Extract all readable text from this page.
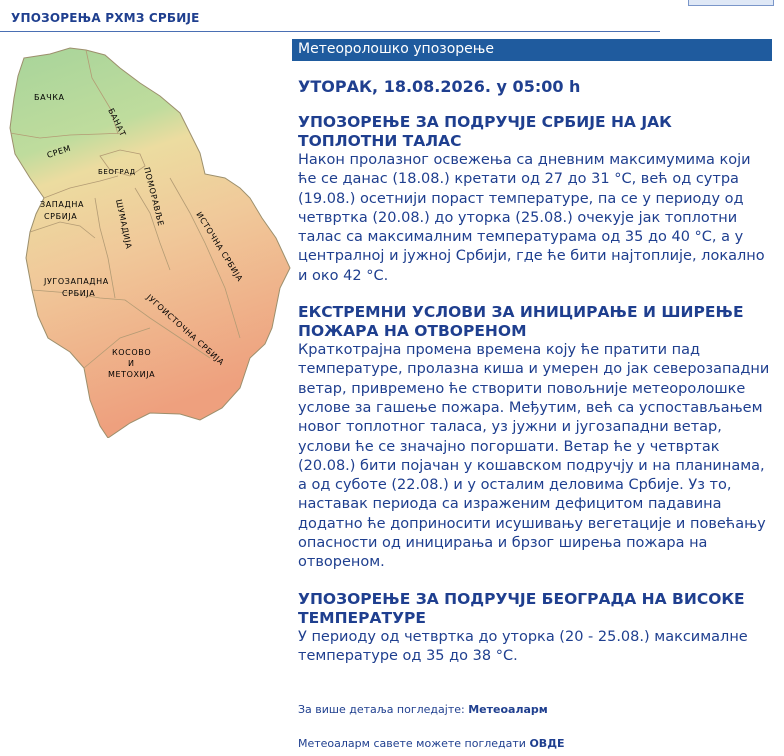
УПОЗОРЕЊА РХМЗ СРБИЈЕ
БАЧКА
БАНАТ
СРЕМ
БЕОГРАД
ЗАПАДНА
СРБИЈА	ШУМАДИЈА ПОМОРАВЉЕ
ИСТОЧНА СРБИЈА
ЈУГОЗАПАДНА
СРБИЈА	ЈУГОИСТОЧНА СРБИЈА
КОСОВО
И
МЕТОХИЈА
Метеоролошко упозорење
УТОРАК, 18.08.2026. у 05:00 h
УПОЗОРЕЊЕ ЗА ПОДРУЧЈЕ СРБИЈЕ НА ЈАК ТОПЛОТНИ ТАЛАС

Након пролазног освежења са дневним максимумима који ће се данас (18.08.) кретати од 27 до 31 °С, већ од сутра (19.08.) осетнији пораст температуре, па се у периоду од четвртка (20.08.) до уторка (25.08.) очекује јак топлотни талас са максималним температурама од 35 до 40 °С, а у централној и јужној Србији, где ће бити најтоплије, локално и око 42 °С.

ЕКСТРЕМНИ УСЛОВИ ЗА ИНИЦИРАЊЕ И ШИРЕЊЕ ПОЖАРА НА ОТВОРЕНОМ

Краткотрајна промена времена коју ће пратити пад температуре, пролазна киша и умерен до јак северозападни ветар, привремено ће створити повољније метеоролошке услове за гашење пожара. Међутим, већ са успостављањем новог топлотног таласа, уз јужни и југозападни ветар, услови ће се значајно погоршати. Ветар ће у четвртак (20.08.) бити појачан у кошавском подручју и на планинама, а од суботе (22.08.) и у осталим деловима Србије. Уз то, наставак периода са израженим дефицитом падавина додатно ће доприносити исушивању вегетације и повећању опасности од иницирања и брзог ширења пожара на отвореном.

УПОЗОРЕЊЕ ЗА ПОДРУЧЈЕ БЕОГРАДА НА ВИСОКЕ ТЕМПЕРАТУРЕ

У периоду од четвртка до уторка (20 - 25.08.) максималне температуре од 35 до 38 °С.

За више детаља погледајте: Метеоаларм
Метеоаларм савете можете погледати ОВДЕ
